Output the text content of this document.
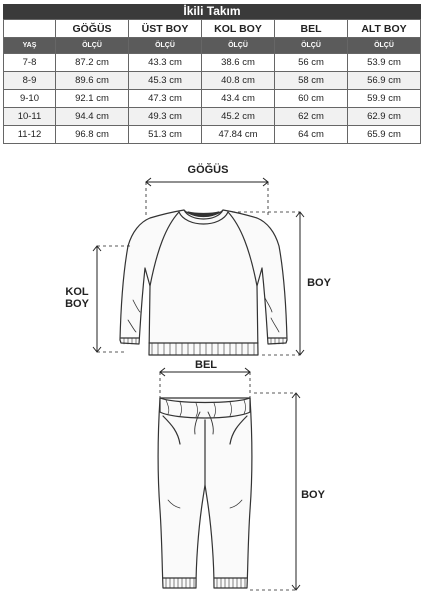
İkili Takım
	GÖĞÜS	ÜST BOY	KOL BOY	BEL	ALT BOY
YAŞ	ÖLÇÜ	ÖLÇÜ	ÖLÇÜ	ÖLÇÜ	ÖLÇÜ
7-8	87.2 cm	43.3 cm	38.6 cm	56 cm	53.9 cm
8-9	89.6 cm	45.3 cm	40.8 cm	58 cm	56.9 cm
9-10	92.1 cm	47.3 cm	43.4 cm	60 cm	59.9 cm
10-11	94.4 cm	49.3 cm	45.2 cm	62 cm	62.9 cm
11-12	96.8 cm	51.3 cm	47.84 cm	64 cm	65.9 cm
GÖĞÜS
KOL
BOY
BOY
BEL
BOY
